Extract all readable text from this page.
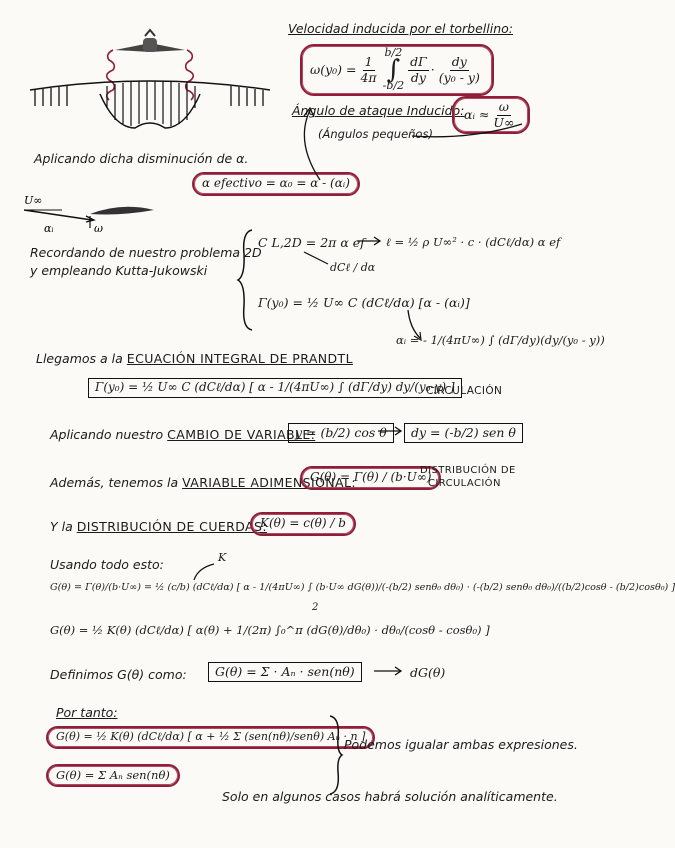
Velocidad inducida por el torbellino:
$\omega(y_0) = \frac{1}{4\pi}$
b/2
∫
-b/2
$\frac{d\Gamma}{dy} \cdot \frac{dy}{\text{(y₀ - y)}}$
Ángulo de ataque Inducido: αᵢ ≈ $\frac{\omega}{U\infty}$
(Ángulos pequeños)
Aplicando dicha disminución de α.
α efectivo = α₀ = α - (αᵢ)
U∞
αᵢ	ω
Recordando de nuestro problema 2D
y empleando Kutta-Jukowski
C L,2D = 2π α ef ℓ = ½ ρ U∞² · c · (dCℓ/dα) α ef
dCℓ / dα
Γ(y₀) = ½ U∞ C (dCℓ/dα) [α - (αᵢ)]
αᵢ = - 1/(4πU∞) ∫ (dΓ/dy)(dy/(y₀ - y))
Llegamos a la ECUACIÓN INTEGRAL DE PRANDTL
Γ(y₀) = ½ U∞ C (dCℓ/dα) [ α - 1/(4πU∞) ∫ (dΓ/dy) dy/(y₀-y) ]
CIRCULACIÓN
Aplicando nuestro CAMBIO DE VARIABLE:
y = (b/2) cos θ	dy = (-b/2) sen θ
Además, tenemos la VARIABLE ADIMENSIONAL:
G(θ) = Γ(θ) / (b·U∞)
DISTRIBUCIÓN DE
CIRCULACIÓN
Y la DISTRIBUCIÓN DE CUERDAS:
K(θ) = c(θ) / b
Usando todo esto:	K
G(θ) = Γ(θ)/(b·U∞) = ½ (c/b) (dCℓ/dα) [ α - 1/(4πU∞) ∫ (b·U∞ dG(θ))/(-(b/2) senθ₀ dθ₀) · (-(b/2) senθ₀ dθ₀)/((b/2)cosθ - (b/2)cosθ₀) ]
2
G(θ) = ½ K(θ) (dCℓ/dα) [ α(θ) + 1/(2π) ∫₀^π (dG(θ)/dθ₀) · dθ₀/(cosθ - cosθ₀) ]
Definimos G(θ) como:	G(θ) = Σ · Aₙ · sen(nθ)	dG(θ)
Por tanto:
G(θ) = ½ K(θ) (dCℓ/dα) [ α + ½ Σ (sen(nθ)/senθ) Aₙ · n ]
G(θ) = Σ Aₙ sen(nθ)
Podemos igualar ambas expresiones.
Solo en algunos casos habrá solución analíticamente.
